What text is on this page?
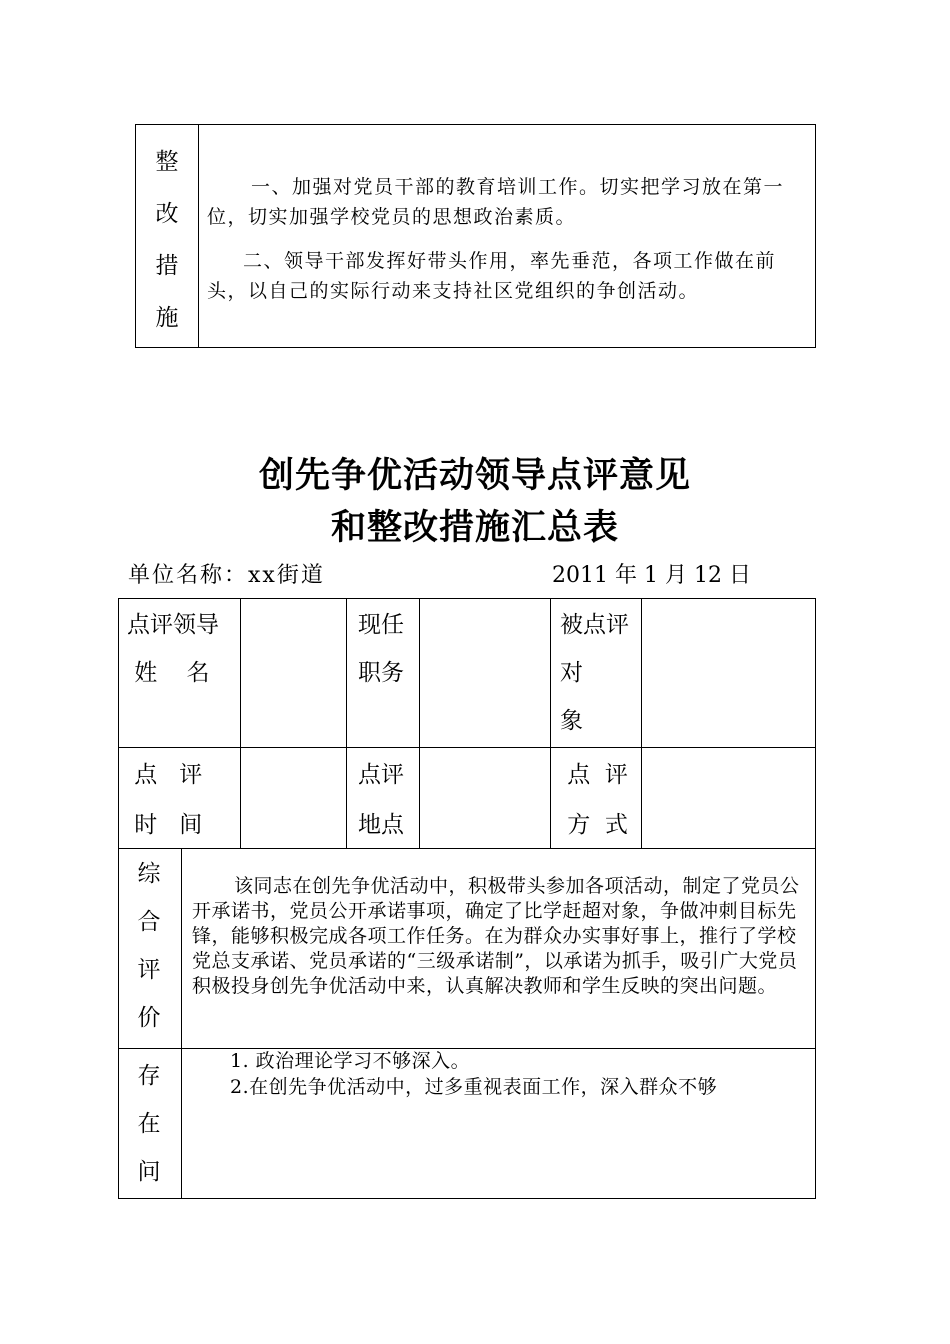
整
改
措
施
一、加强对党员干部的教育培训工作。切实把学习放在第一位，切实加强学校党员的思想政治素质。
二、领导干部发挥好带头作用，率先垂范，各项工作做在前头，以自己的实际行动来支持社区党组织的争创活动。
创先争优活动领导点评意见
和整改措施汇总表
单位名称：xx街道	2011 年 1 月 12 日
点评领导
姓    名
现任
职务
被点评
对
象
点   评
时   间
点评
地点
点  评
方  式
综
合
评
价
该同志在创先争优活动中，积极带头参加各项活动，制定了党员公开承诺书，党员公开承诺事项，确定了比学赶超对象，争做冲刺目标先锋，能够积极完成各项工作任务。在为群众办实事好事上，推行了学校党总支承诺、党员承诺的“三级承诺制”，以承诺为抓手，吸引广大党员积极投身创先争优活动中来，认真解决教师和学生反映的突出问题。
存
在
问
1. 政治理论学习不够深入。
2.在创先争优活动中，过多重视表面工作，深入群众不够
